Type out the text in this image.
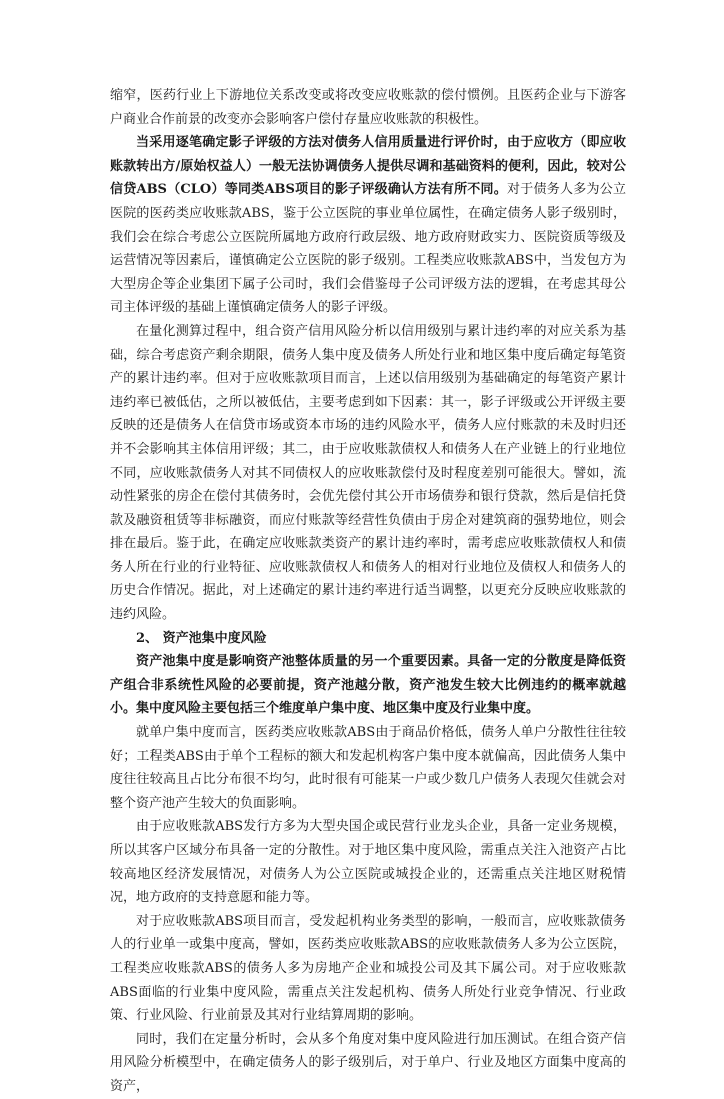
缩窄，医药行业上下游地位关系改变或将改变应收账款的偿付惯例。且医药企业与下游客户商业合作前景的改变亦会影响客户偿付存量应收账款的积极性。

当采用逐笔确定影子评级的方法对债务人信用质量进行评价时，由于应收方（即应收账款转出方/原始权益人）一般无法协调债务人提供尽调和基础资料的便利，因此，较对公信贷ABS（CLO）等同类ABS项目的影子评级确认方法有所不同。对于债务人多为公立医院的医药类应收账款ABS，鉴于公立医院的事业单位属性，在确定债务人影子级别时，我们会在综合考虑公立医院所属地方政府行政层级、地方政府财政实力、医院资质等级及运营情况等因素后，谨慎确定公立医院的影子级别。工程类应收账款ABS中，当发包方为大型房企等企业集团下属子公司时，我们会借鉴母子公司评级方法的逻辑，在考虑其母公司主体评级的基础上谨慎确定债务人的影子评级。

在量化测算过程中，组合资产信用风险分析以信用级别与累计违约率的对应关系为基础，综合考虑资产剩余期限，债务人集中度及债务人所处行业和地区集中度后确定每笔资产的累计违约率。但对于应收账款项目而言，上述以信用级别为基础确定的每笔资产累计违约率已被低估，之所以被低估，主要考虑到如下因素：其一，影子评级或公开评级主要反映的还是债务人在信贷市场或资本市场的违约风险水平，债务人应付账款的未及时归还并不会影响其主体信用评级；其二，由于应收账款债权人和债务人在产业链上的行业地位不同，应收账款债务人对其不同债权人的应收账款偿付及时程度差别可能很大。譬如，流动性紧张的房企在偿付其债务时，会优先偿付其公开市场债券和银行贷款，然后是信托贷款及融资租赁等非标融资，而应付账款等经营性负债由于房企对建筑商的强势地位，则会排在最后。鉴于此，在确定应收账款类资产的累计违约率时，需考虑应收账款债权人和债务人所在行业的行业特征、应收账款债权人和债务人的相对行业地位及债权人和债务人的历史合作情况。据此，对上述确定的累计违约率进行适当调整，以更充分反映应收账款的违约风险。

2、 资产池集中度风险

资产池集中度是影响资产池整体质量的另一个重要因素。具备一定的分散度是降低资产组合非系统性风险的必要前提，资产池越分散，资产池发生较大比例违约的概率就越小。集中度风险主要包括三个维度单户集中度、地区集中度及行业集中度。

就单户集中度而言，医药类应收账款ABS由于商品价格低，债务人单户分散性往往较好；工程类ABS由于单个工程标的额大和发起机构客户集中度本就偏高，因此债务人集中度往往较高且占比分布很不均匀，此时很有可能某一户或少数几户债务人表现欠佳就会对整个资产池产生较大的负面影响。

由于应收账款ABS发行方多为大型央国企或民营行业龙头企业，具备一定业务规模，所以其客户区域分布具备一定的分散性。对于地区集中度风险，需重点关注入池资产占比较高地区经济发展情况，对债务人为公立医院或城投企业的，还需重点关注地区财税情况，地方政府的支持意愿和能力等。

对于应收账款ABS项目而言，受发起机构业务类型的影响，一般而言，应收账款债务人的行业单一或集中度高，譬如，医药类应收账款ABS的应收账款债务人多为公立医院，工程类应收账款ABS的债务人多为房地产企业和城投公司及其下属公司。对于应收账款ABS面临的行业集中度风险，需重点关注发起机构、债务人所处行业竞争情况、行业政策、行业风险、行业前景及其对行业结算周期的影响。

同时，我们在定量分析时，会从多个角度对集中度风险进行加压测试。在组合资产信用风险分析模型中，在确定债务人的影子级别后，对于单户、行业及地区方面集中度高的资产，
